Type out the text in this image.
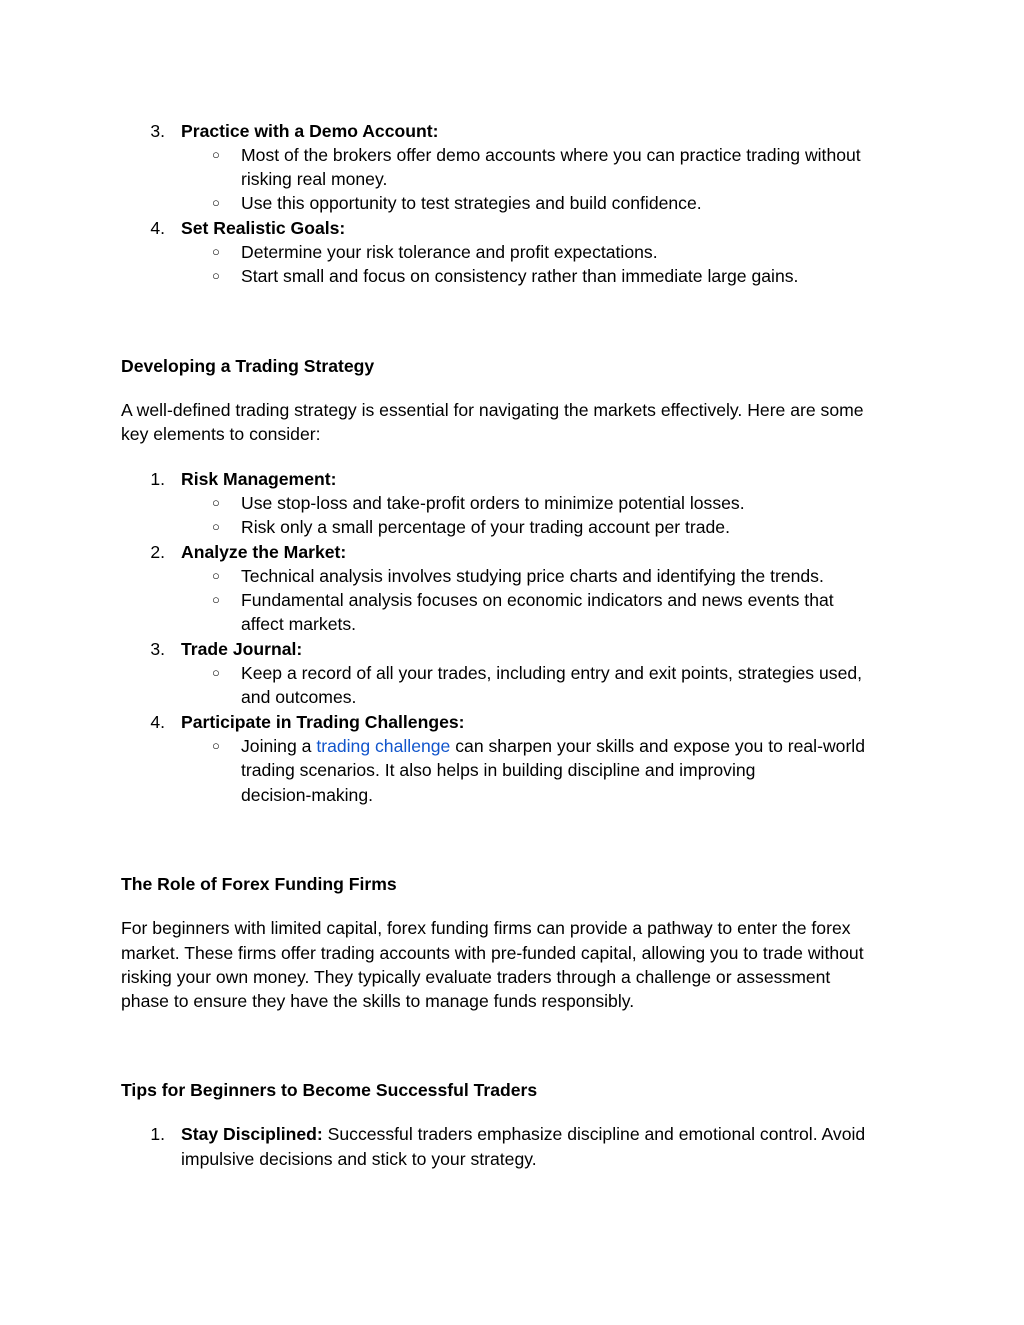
3. Practice with a Demo Account:
○ Most of the brokers offer demo accounts where you can practice trading without
risking real money.
○ Use this opportunity to test strategies and build confidence.
4. Set Realistic Goals:
○ Determine your risk tolerance and profit expectations.
○ Start small and focus on consistency rather than immediate large gains.
Developing a Trading Strategy
A well-defined trading strategy is essential for navigating the markets effectively. Here are some
key elements to consider:
1. Risk Management:
○ Use stop-loss and take-profit orders to minimize potential losses.
○ Risk only a small percentage of your trading account per trade.
2. Analyze the Market:
○ Technical analysis involves studying price charts and identifying the trends.
○ Fundamental analysis focuses on economic indicators and news events that
affect markets.
3. Trade Journal:
○ Keep a record of all your trades, including entry and exit points, strategies used,
and outcomes.
4. Participate in Trading Challenges:
○ Joining a trading challenge can sharpen your skills and expose you to real-world
trading scenarios. It also helps in building discipline and improving
decision-making.
The Role of Forex Funding Firms
For beginners with limited capital, forex funding firms can provide a pathway to enter the forex
market. These firms offer trading accounts with pre-funded capital, allowing you to trade without
risking your own money. They typically evaluate traders through a challenge or assessment
phase to ensure they have the skills to manage funds responsibly.
Tips for Beginners to Become Successful Traders
1. Stay Disciplined: Successful traders emphasize discipline and emotional control. Avoid
impulsive decisions and stick to your strategy.
